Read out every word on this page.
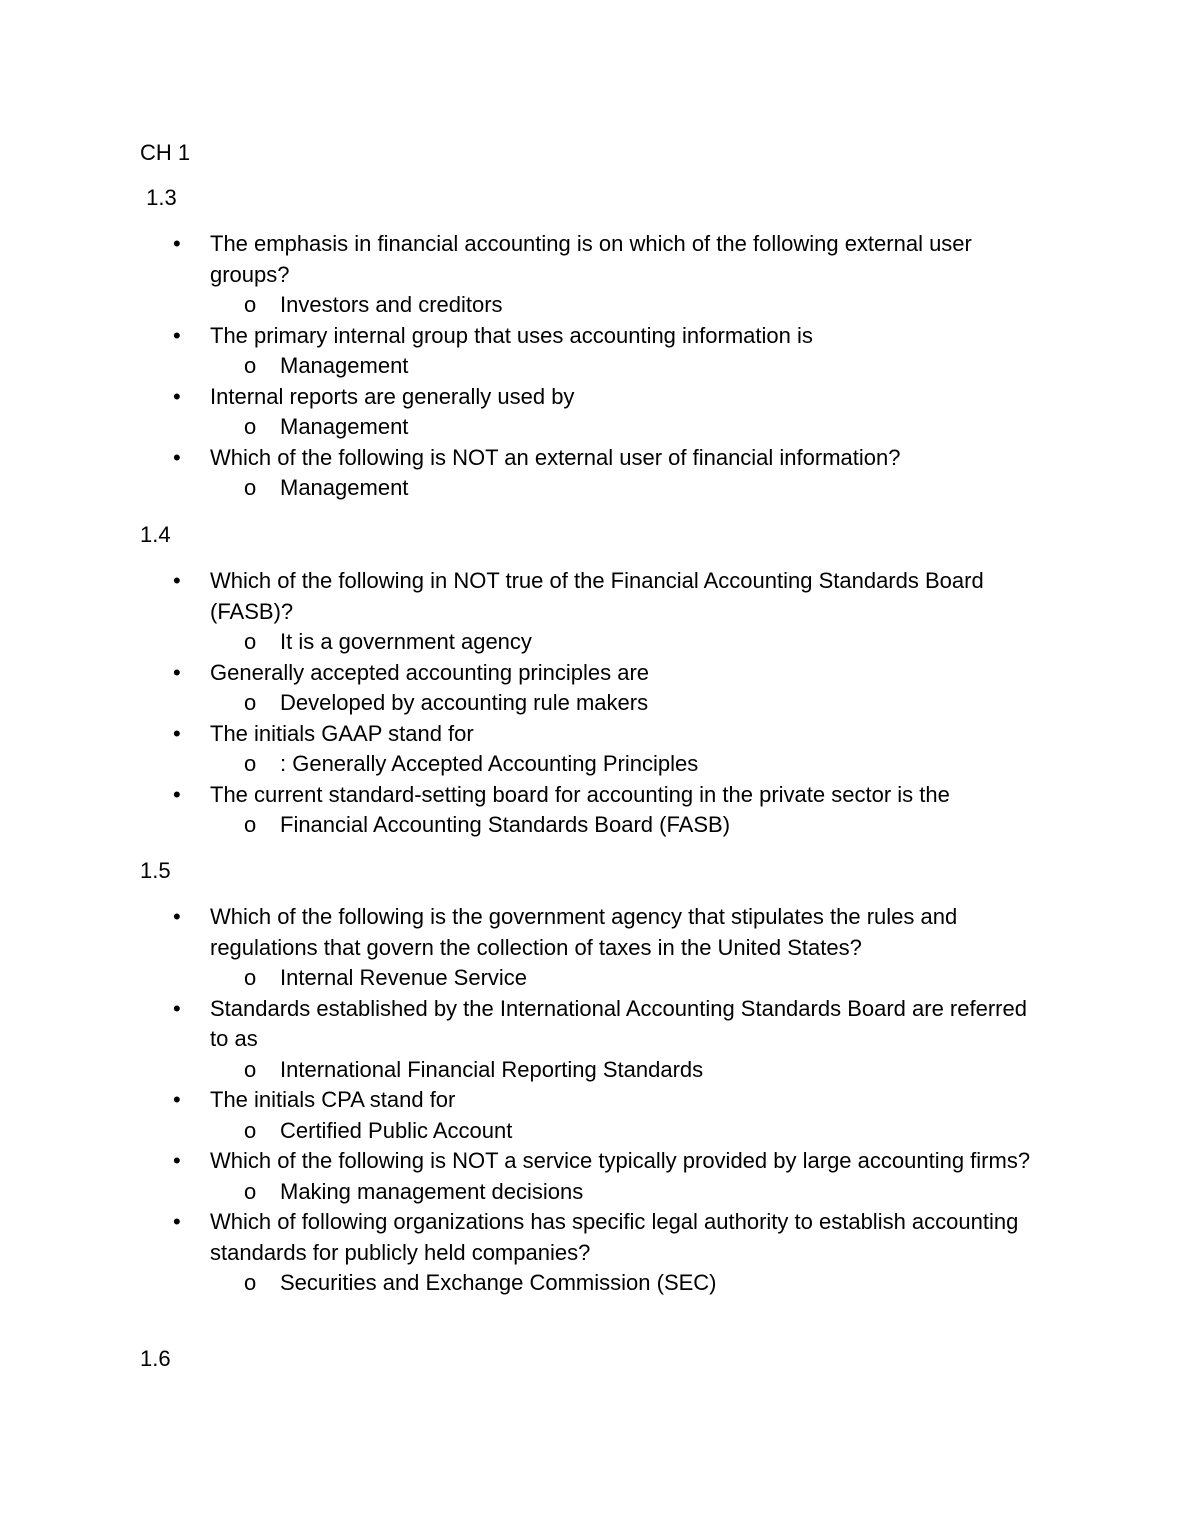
CH 1

1.3

• The emphasis in financial accounting is on which of the following external user groups?
o Investors and creditors
• The primary internal group that uses accounting information is
o Management
• Internal reports are generally used by
o Management
• Which of the following is NOT an external user of financial information?
o Management

1.4

• Which of the following in NOT true of the Financial Accounting Standards Board (FASB)?
o It is a government agency
• Generally accepted accounting principles are
o Developed by accounting rule makers
• The initials GAAP stand for
o : Generally Accepted Accounting Principles
• The current standard-setting board for accounting in the private sector is the
o Financial Accounting Standards Board (FASB)

1.5

• Which of the following is the government agency that stipulates the rules and regulations that govern the collection of taxes in the United States?
o Internal Revenue Service
• Standards established by the International Accounting Standards Board are referred to as
o International Financial Reporting Standards
• The initials CPA stand for
o Certified Public Account
• Which of the following is NOT a service typically provided by large accounting firms?
o Making management decisions
• Which of following organizations has specific legal authority to establish accounting standards for publicly held companies?
o Securities and Exchange Commission (SEC)

1.6
